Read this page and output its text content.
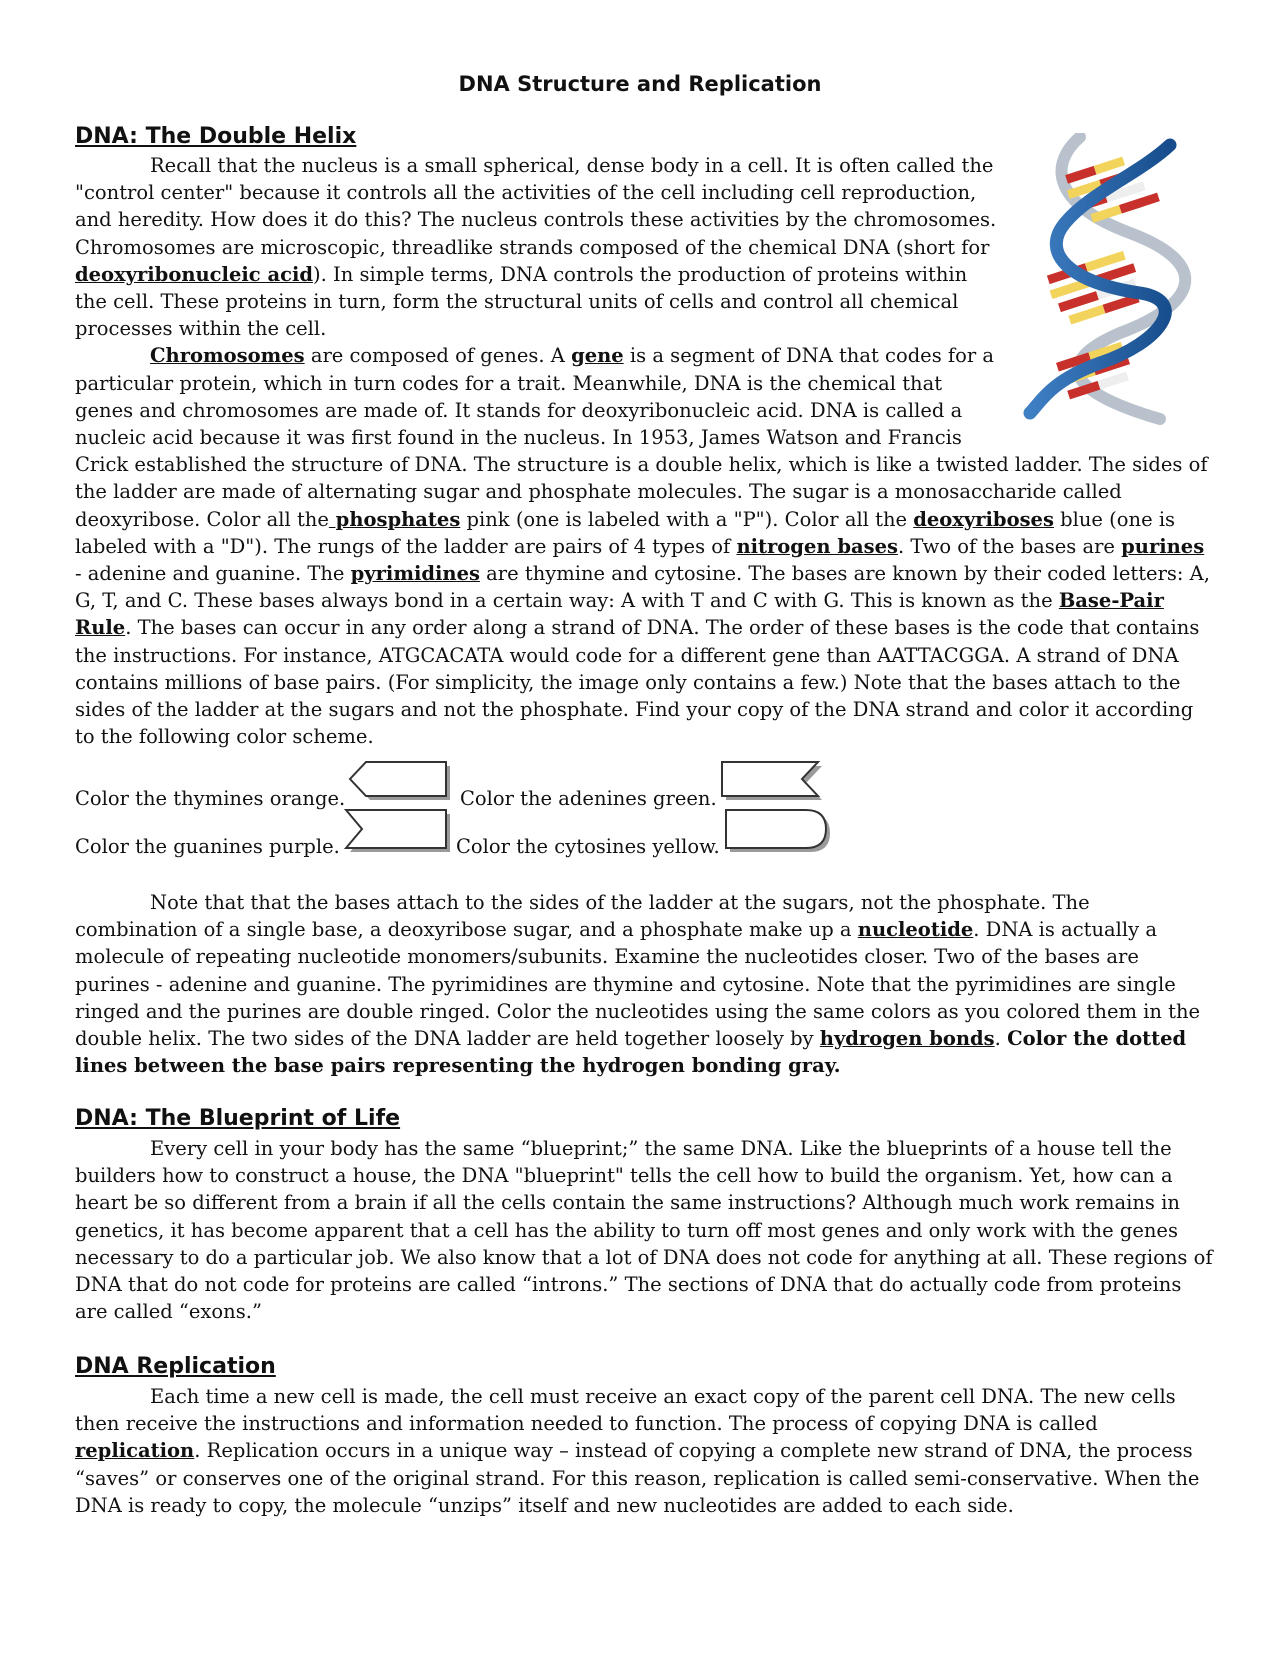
DNA Structure and Replication
DNA: The Double Helix

Recall that the nucleus is a small spherical, dense body in a cell. It is often called the "control center" because it controls all the activities of the cell including cell reproduction, and heredity. How does it do this? The nucleus controls these activities by the chromosomes. Chromosomes are microscopic, threadlike strands composed of the chemical DNA (short for deoxyribonucleic acid). In simple terms, DNA controls the production of proteins within the cell. These proteins in turn, form the structural units of cells and control all chemical processes within the cell.

Chromosomes are composed of genes. A gene is a segment of DNA that codes for a particular protein, which in turn codes for a trait. Meanwhile, DNA is the chemical that genes and chromosomes are made of. It stands for deoxyribonucleic acid. DNA is called a nucleic acid because it was first found in the nucleus. In 1953, James Watson and Francis Crick established the structure of DNA. The structure is a double helix, which is like a twisted ladder. The sides of the ladder are made of alternating sugar and phosphate molecules. The sugar is a monosaccharide called deoxyribose. Color all the phosphates pink (one is labeled with a "P"). Color all the deoxyriboses blue (one is labeled with a "D"). The rungs of the ladder are pairs of 4 types of nitrogen bases. Two of the bases are purines - adenine and guanine. The pyrimidines are thymine and cytosine. The bases are known by their coded letters: A, G, T, and C. These bases always bond in a certain way: A with T and C with G. This is known as the Base-Pair Rule. The bases can occur in any order along a strand of DNA. The order of these bases is the code that contains the instructions. For instance, ATGCACATA would code for a different gene than AATTACGGA. A strand of DNA contains millions of base pairs. (For simplicity, the image only contains a few.) Note that the bases attach to the sides of the ladder at the sugars and not the phosphate. Find your copy of the DNA strand and color it according to the following color scheme.

Color the thymines orange.	Color the adenines green.
Color the guanines purple.	Color the cytosines yellow.

Note that that the bases attach to the sides of the ladder at the sugars, not the phosphate. The combination of a single base, a deoxyribose sugar, and a phosphate make up a nucleotide. DNA is actually a molecule of repeating nucleotide monomers/subunits. Examine the nucleotides closer. Two of the bases are purines - adenine and guanine. The pyrimidines are thymine and cytosine. Note that the pyrimidines are single ringed and the purines are double ringed. Color the nucleotides using the same colors as you colored them in the double helix. The two sides of the DNA ladder are held together loosely by hydrogen bonds. Color the dotted lines between the base pairs representing the hydrogen bonding gray.

DNA: The Blueprint of Life

Every cell in your body has the same “blueprint;” the same DNA. Like the blueprints of a house tell the builders how to construct a house, the DNA "blueprint" tells the cell how to build the organism. Yet, how can a heart be so different from a brain if all the cells contain the same instructions? Although much work remains in genetics, it has become apparent that a cell has the ability to turn off most genes and only work with the genes necessary to do a particular job. We also know that a lot of DNA does not code for anything at all. These regions of DNA that do not code for proteins are called “introns.” The sections of DNA that do actually code from proteins are called “exons.”

DNA Replication

Each time a new cell is made, the cell must receive an exact copy of the parent cell DNA. The new cells then receive the instructions and information needed to function. The process of copying DNA is called replication. Replication occurs in a unique way – instead of copying a complete new strand of DNA, the process “saves” or conserves one of the original strand. For this reason, replication is called semi-conservative. When the DNA is ready to copy, the molecule “unzips” itself and new nucleotides are added to each side.
